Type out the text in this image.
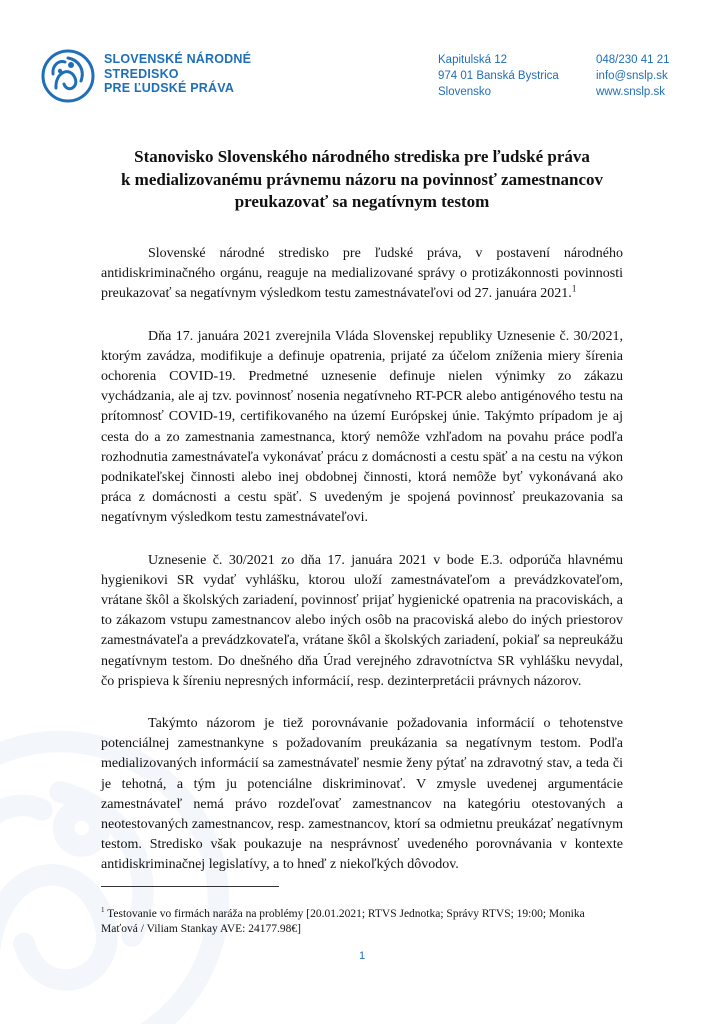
SLOVENSKÉ NÁRODNÉ
STREDISKO
PRE ĽUDSKÉ PRÁVA
Kapitulská 12
974 01 Banská Bystrica
Slovensko
048/230 41 21
info@snslp.sk
www.snslp.sk
Stanovisko Slovenského národného strediska pre ľudské práva
k medializovanému právnemu názoru na povinnosť zamestnancov
preukazovať sa negatívnym testom

Slovenské národné stredisko pre ľudské práva, v postavení národného antidiskriminačného orgánu, reaguje na medializované správy o protizákonnosti povinnosti preukazovať sa negatívnym výsledkom testu zamestnávateľovi od 27. januára 2021.$^1$

Dňa 17. januára 2021 zverejnila Vláda Slovenskej republiky Uznesenie č. 30/2021, ktorým zavádza, modifikuje a definuje opatrenia, prijaté za účelom zníženia miery šírenia ochorenia COVID-19. Predmetné uznesenie definuje nielen výnimky zo zákazu vychádzania, ale aj tzv. povinnosť nosenia negatívneho RT-PCR alebo antigénového testu na prítomnosť COVID-19, certifikovaného na území Európskej únie. Takýmto prípadom je aj cesta do a zo zamestnania zamestnanca, ktorý nemôže vzhľadom na povahu práce podľa rozhodnutia zamestnávateľa vykonávať prácu z domácnosti a cestu späť a na cestu na výkon podnikateľskej činnosti alebo inej obdobnej činnosti, ktorá nemôže byť vykonávaná ako práca z domácnosti a cestu späť. S uvedeným je spojená povinnosť preukazovania sa negatívnym výsledkom testu zamestnávateľovi.

Uznesenie č. 30/2021 zo dňa 17. januára 2021 v bode E.3. odporúča hlavnému hygienikovi SR vydať vyhlášku, ktorou uloží zamestnávateľom a prevádzkovateľom, vrátane škôl a školských zariadení, povinnosť prijať hygienické opatrenia na pracoviskách, a to zákazom vstupu zamestnancov alebo iných osôb na pracoviská alebo do iných priestorov zamestnávateľa a prevádzkovateľa, vrátane škôl a školských zariadení, pokiaľ sa nepreukážu negatívnym testom. Do dnešného dňa Úrad verejného zdravotníctva SR vyhlášku nevydal, čo prispieva k šíreniu nepresných informácií, resp. dezinterpretácii právnych názorov.

Takýmto názorom je tiež porovnávanie požadovania informácií o tehotenstve potenciálnej zamestnankyne s požadovaním preukázania sa negatívnym testom. Podľa medializovaných informácií sa zamestnávateľ nesmie ženy pýtať na zdravotný stav, a teda či je tehotná, a tým ju potenciálne diskriminovať. V zmysle uvedenej argumentácie zamestnávateľ nemá právo rozdeľovať zamestnancov na kategóriu otestovaných a neotestovaných zamestnancov, resp. zamestnancov, ktorí sa odmietnu preukázať negatívnym testom. Stredisko však poukazuje na nesprávnosť uvedeného porovnávania v kontexte antidiskriminačnej legislatívy, a to hneď z niekoľkých dôvodov.

$^1$ Testovanie vo firmách naráža na problémy [20.01.2021; RTVS Jednotka; Správy RTVS; 19:00; Monika Maťová / Viliam Stankay AVE: 24177.98€]
1
